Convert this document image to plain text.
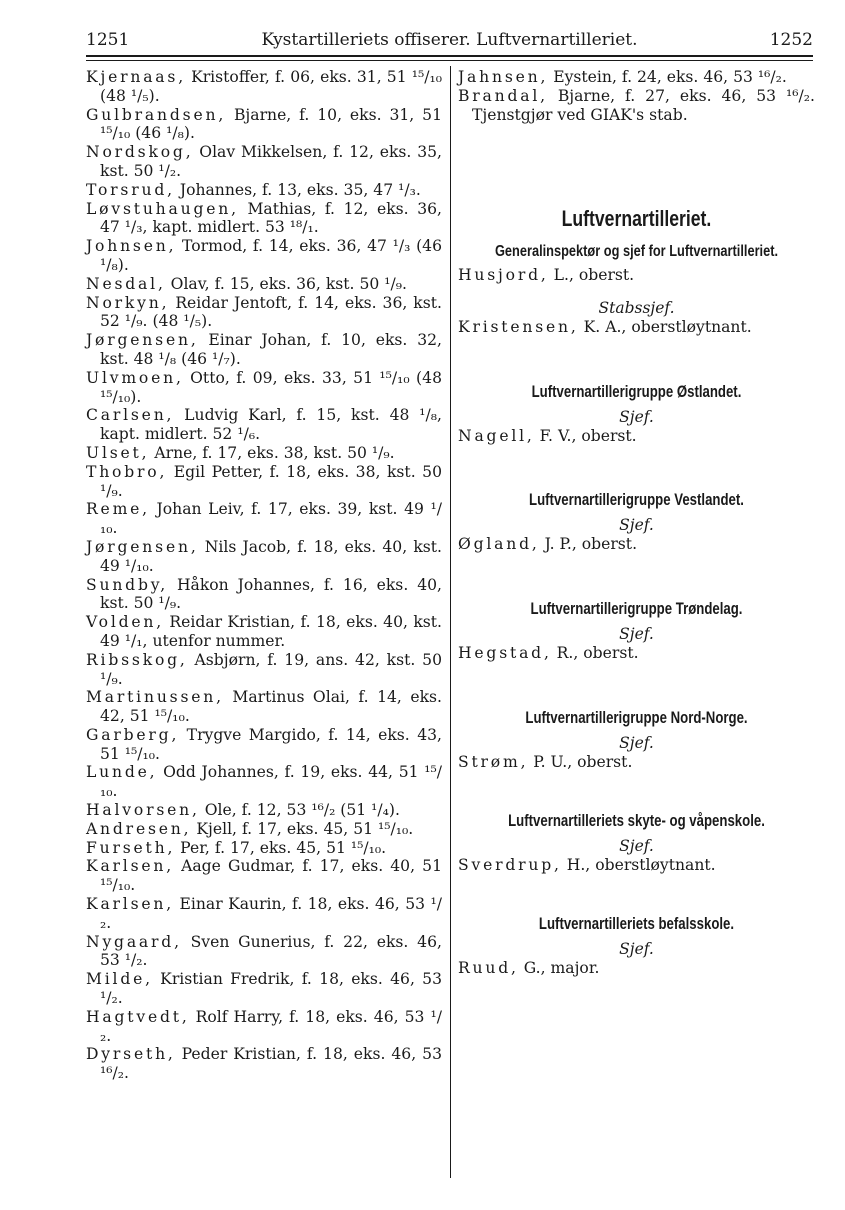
1251	Kystartilleriets offiserer. Luftvernartilleriet.	1252
Kjernaas, Kristoffer, f. 06, eks. 31, 51 ¹⁵/₁₀ (48 ¹/₅).
Gulbrandsen, Bjarne, f. 10, eks. 31, 51 ¹⁵/₁₀ (46 ¹/₈).
Nordskog, Olav Mikkelsen, f. 12, eks. 35, kst. 50 ¹/₂.
Torsrud, Johannes, f. 13, eks. 35, 47 ¹/₃.
Løvstuhaugen, Mathias, f. 12, eks. 36, 47 ¹/₃, kapt. midlert. 53 ¹⁸/₁.
Johnsen, Tormod, f. 14, eks. 36, 47 ¹/₃ (46 ¹/₈).
Nesdal, Olav, f. 15, eks. 36, kst. 50 ¹/₉.
Norkyn, Reidar Jentoft, f. 14, eks. 36, kst. 52 ¹/₉. (48 ¹/₅).
Jørgensen, Einar Johan, f. 10, eks. 32, kst. 48 ¹/₈ (46 ¹/₇).
Ulvmoen, Otto, f. 09, eks. 33, 51 ¹⁵/₁₀ (48 ¹⁵/₁₀).
Carlsen, Ludvig Karl, f. 15, kst. 48 ¹/₈, kapt. midlert. 52 ¹/₆.
Ulset, Arne, f. 17, eks. 38, kst. 50 ¹/₉.
Thobro, Egil Petter, f. 18, eks. 38, kst. 50 ¹/₉.
Reme, Johan Leiv, f. 17, eks. 39, kst. 49 ¹/₁₀.
Jørgensen, Nils Jacob, f. 18, eks. 40, kst. 49 ¹/₁₀.
Sundby, Håkon Johannes, f. 16, eks. 40, kst. 50 ¹/₉.
Volden, Reidar Kristian, f. 18, eks. 40, kst. 49 ¹/₁, utenfor nummer.
Ribsskog, Asbjørn, f. 19, ans. 42, kst. 50 ¹/₉.
Martinussen, Martinus Olai, f. 14, eks. 42, 51 ¹⁵/₁₀.
Garberg, Trygve Margido, f. 14, eks. 43, 51 ¹⁵/₁₀.
Lunde, Odd Johannes, f. 19, eks. 44, 51 ¹⁵/₁₀.
Halvorsen, Ole, f. 12, 53 ¹⁶/₂ (51 ¹/₄).
Andresen, Kjell, f. 17, eks. 45, 51 ¹⁵/₁₀.
Furseth, Per, f. 17, eks. 45, 51 ¹⁵/₁₀.
Karlsen, Aage Gudmar, f. 17, eks. 40, 51 ¹⁵/₁₀.
Karlsen, Einar Kaurin, f. 18, eks. 46, 53 ¹/₂.
Nygaard, Sven Gunerius, f. 22, eks. 46, 53 ¹/₂.
Milde, Kristian Fredrik, f. 18, eks. 46, 53 ¹/₂.
Hagtvedt, Rolf Harry, f. 18, eks. 46, 53 ¹/₂.
Dyrseth, Peder Kristian, f. 18, eks. 46, 53 ¹⁶/₂.
Jahnsen, Eystein, f. 24, eks. 46, 53 ¹⁶/₂.
Brandal, Bjarne, f. 27, eks. 46, 53 ¹⁶/₂. Tjenstgjør ved GIAK's stab.
Luftvernartilleriet.
Generalinspektør og sjef for Luftvernartilleriet.
Husjord, L., oberst.
Stabssjef.
Kristensen, K. A., oberstløytnant.
Luftvernartillerigruppe Østlandet.
Sjef.
Nagell, F. V., oberst.
Luftvernartillerigruppe Vestlandet.
Sjef.
Øgland, J. P., oberst.
Luftvernartillerigruppe Trøndelag.
Sjef.
Hegstad, R., oberst.
Luftvernartillerigruppe Nord-Norge.
Sjef.
Strøm, P. U., oberst.
Luftvernartilleriets skyte- og våpenskole.
Sjef.
Sverdrup, H., oberstløytnant.
Luftvernartilleriets befalsskole.
Sjef.
Ruud, G., major.
